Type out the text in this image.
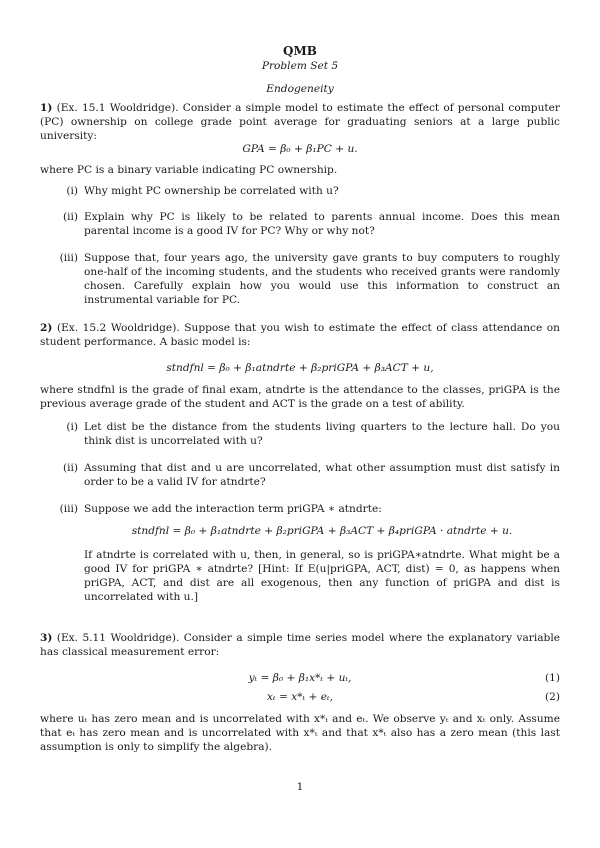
QMB
Problem Set 5
Endogeneity
1) (Ex. 15.1 Wooldridge). Consider a simple model to estimate the effect of personal computer (PC) ownership on college grade point average for graduating seniors at a large public university:
GPA = β₀ + β₁PC + u.
where PC is a binary variable indicating PC ownership.
(i) Why might PC ownership be correlated with u?
(ii) Explain why PC is likely to be related to parents annual income. Does this mean parental income is a good IV for PC? Why or why not?
(iii) Suppose that, four years ago, the university gave grants to buy computers to roughly one-half of the incoming students, and the students who received grants were randomly chosen. Carefully explain how you would use this information to construct an instrumental variable for PC.
2) (Ex. 15.2 Wooldridge). Suppose that you wish to estimate the effect of class attendance on student performance. A basic model is:
stndfnl = β₀ + β₁atndrte + β₂priGPA + β₃ACT + u,
where stndfnl is the grade of final exam, atndrte is the attendance to the classes, priGPA is the previous average grade of the student and ACT is the grade on a test of ability.
(i) Let dist be the distance from the students living quarters to the lecture hall. Do you think dist is uncorrelated with u?
(ii) Assuming that dist and u are uncorrelated, what other assumption must dist satisfy in order to be a valid IV for atndrte?
(iii) Suppose we add the interaction term priGPA ∗ atndrte:
stndfnl = β₀ + β₁atndrte + β₂priGPA + β₃ACT + β₄priGPA · atndrte + u.
If atndrte is correlated with u, then, in general, so is priGPA∗atndrte. What might be a good IV for priGPA ∗ atndrte? [Hint: If E(u|priGPA, ACT, dist) = 0, as happens when priGPA, ACT, and dist are all exogenous, then any function of priGPA and dist is uncorrelated with u.]
3) (Ex. 5.11 Wooldridge). Consider a simple time series model where the explanatory variable has classical measurement error:
yₜ = β₀ + β₁x*ₜ + uₜ,	(1)
xₜ = x*ₜ + eₜ,	(2)
where uₜ has zero mean and is uncorrelated with x*ₜ and eₜ. We observe yₜ and xₜ only. Assume that eₜ has zero mean and is uncorrelated with x*ₜ and that x*ₜ also has a zero mean (this last assumption is only to simplify the algebra).
1
